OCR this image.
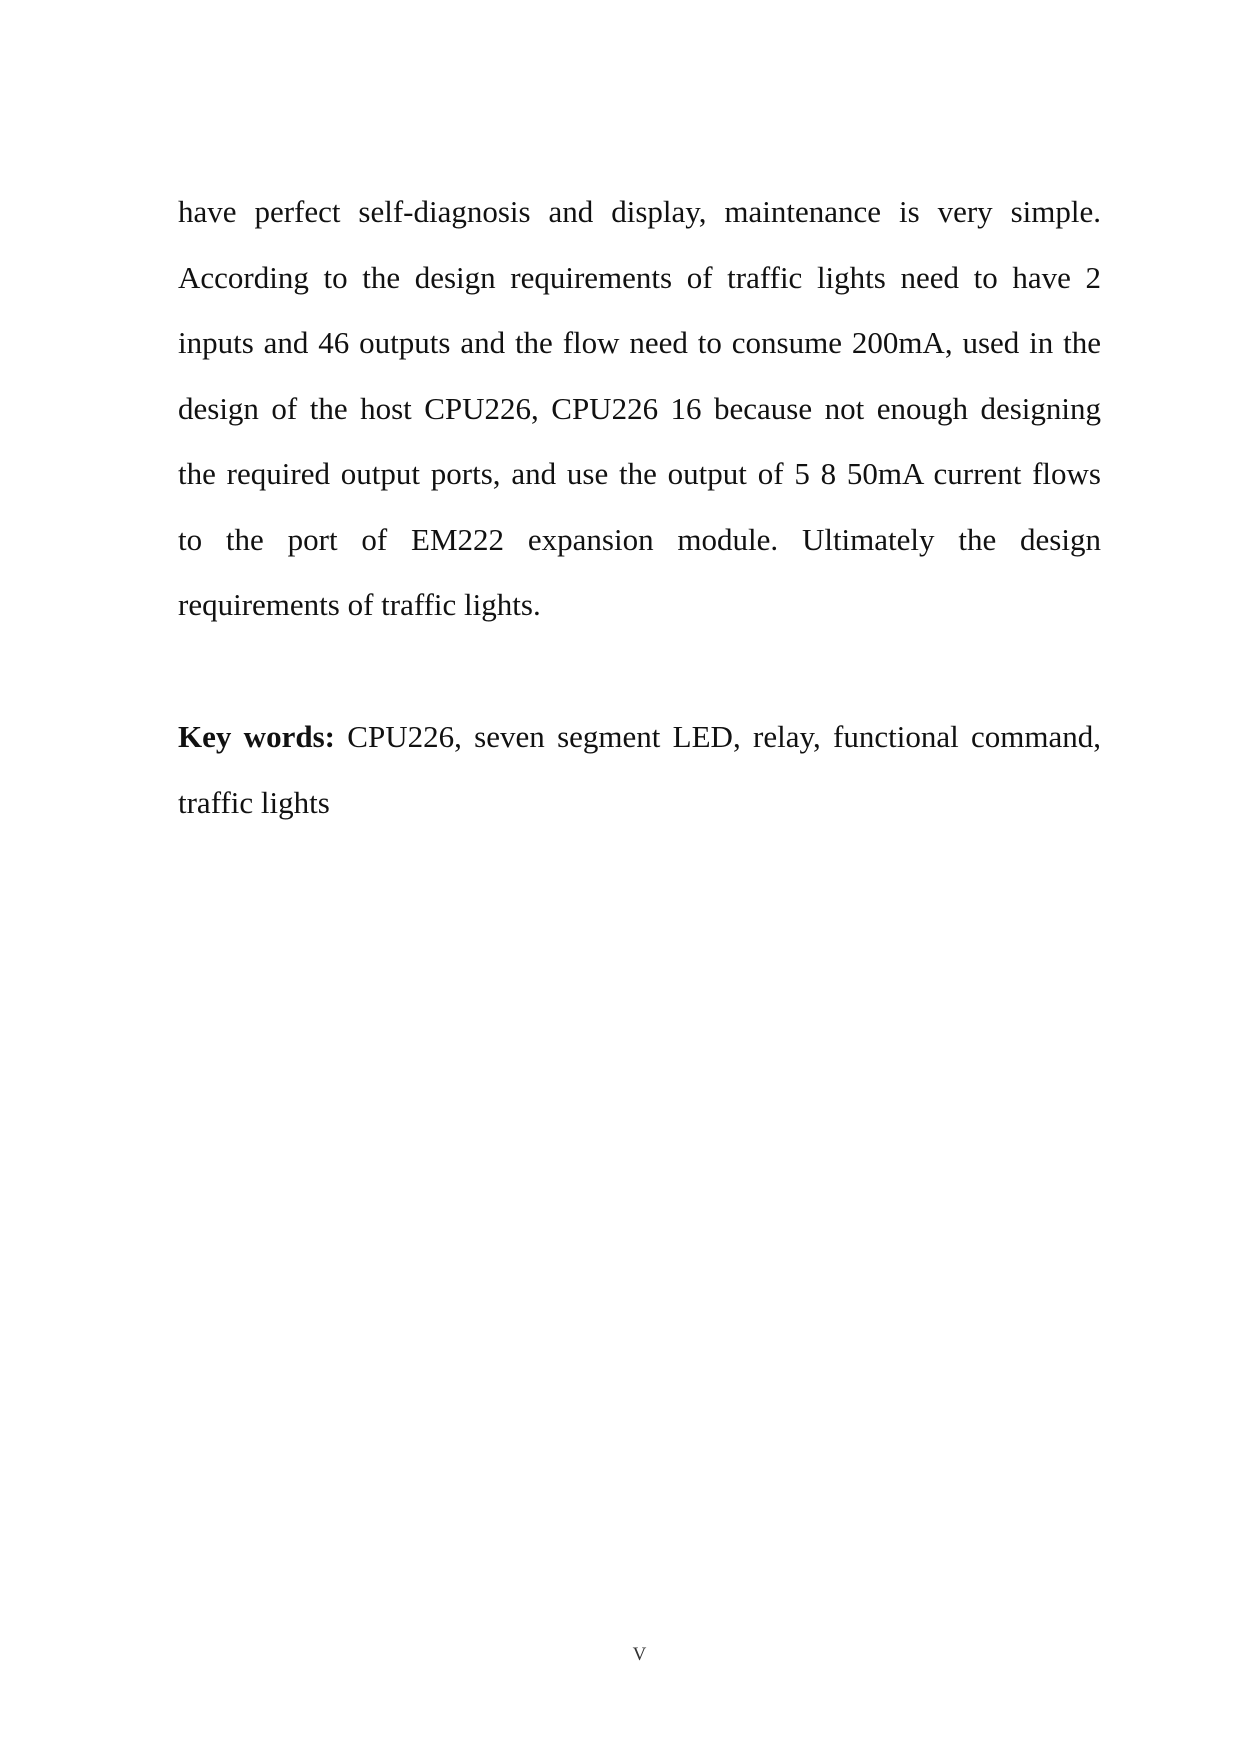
have perfect self-diagnosis and display, maintenance is very simple.
According to the design requirements of traffic lights need to have 2
inputs and 46 outputs and the flow need to consume 200mA, used in the
design of the host CPU226, CPU226 16 because not enough designing
the required output ports, and use the output of 5 8 50mA current flows
to the port of EM222 expansion module. Ultimately the design
requirements of traffic lights.
Key words: CPU226, seven segment LED, relay, functional command,
traffic lights
V
